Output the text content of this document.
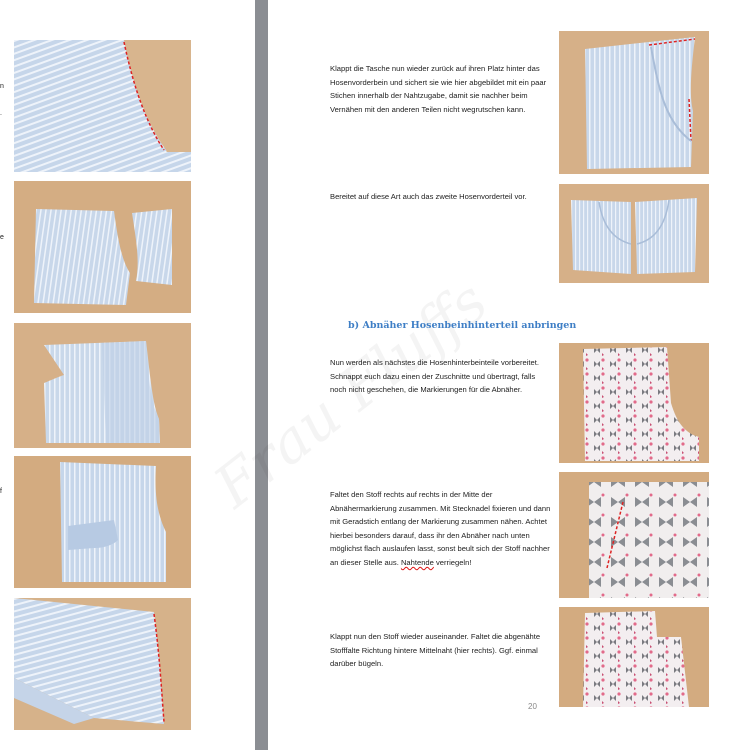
n
.
e
f

Klappt die Tasche nun wieder zurück auf ihren Platz hinter das Hosenvorderbein und sichert sie wie hier abgebildet mit ein paar Stichen innerhalb der Nahtzugabe, damit sie nachher beim Vernähen mit den anderen Teilen nicht wegrutschen kann.

Bereitet auf diese Art auch das zweite Hosenvorderteil vor.

b) Abnäher Hosenbeinhinterteil anbringen

Nun werden als nächstes die Hosenhinterbeinteile vorbereitet. Schnappt euch dazu einen der Zuschnitte und übertragt, falls noch nicht geschehen, die Markierungen für die Abnäher.

Faltet den Stoff rechts auf rechts in der Mitte der Abnähermarkierung zusammen. Mit Stecknadel fixieren und dann mit Geradstich entlang der Markierung zusammen nähen. Achtet hierbei besonders darauf, dass ihr den Abnäher nach unten möglichst flach auslaufen lasst, sonst beult sich der Stoff nachher an dieser Stelle aus. Nahtende verriegeln!

Klappt nun den Stoff wieder auseinander. Faltet die abgenähte Stofffalte Richtung hintere Mittelnaht (hier rechts). Ggf. einmal darüber bügeln.

20
